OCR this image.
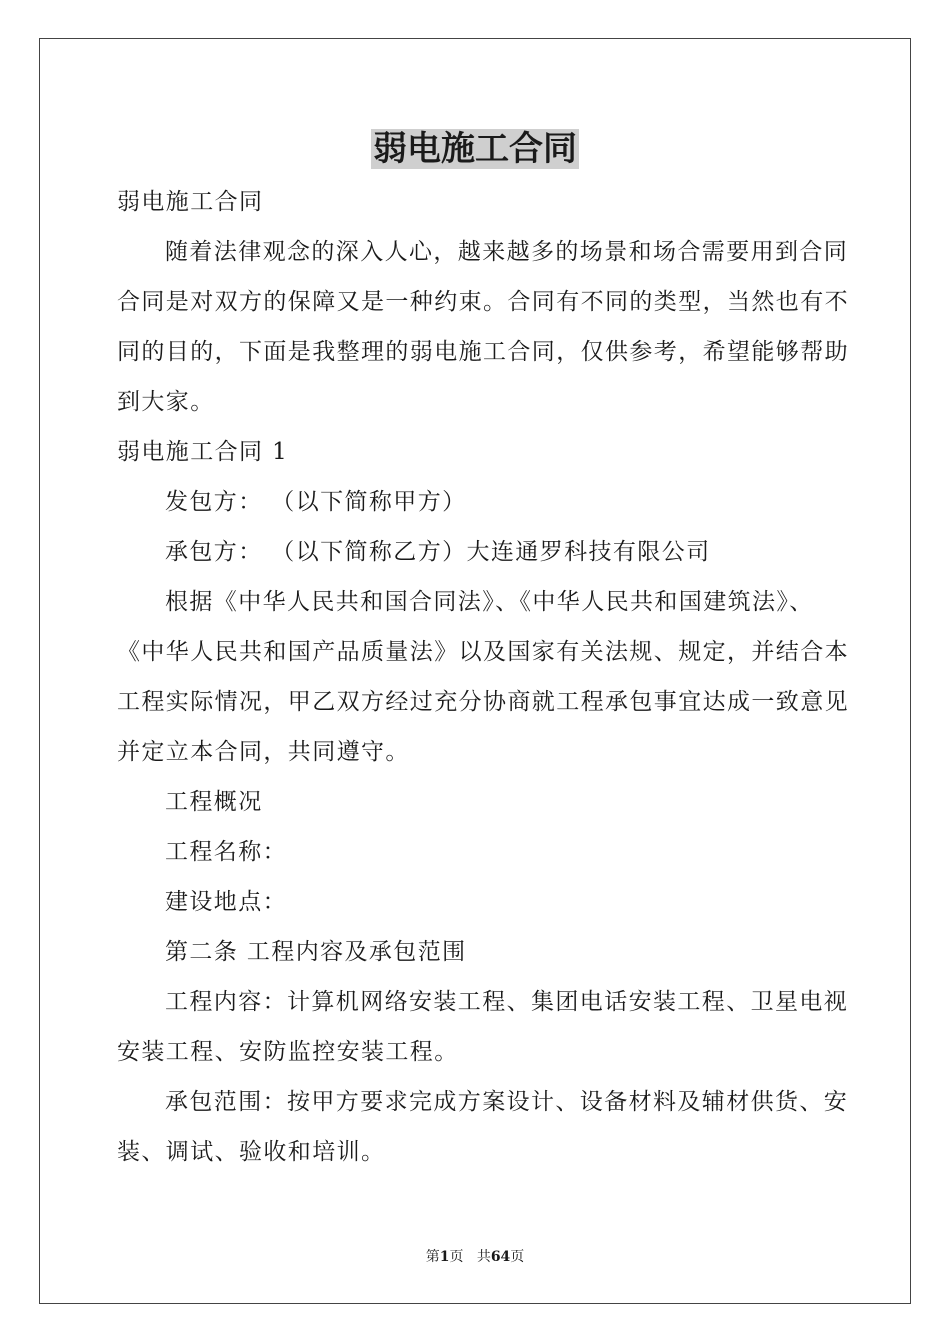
弱电施工合同
弱电施工合同
随着法律观念的深入人心，越来越多的场景和场合需要用到合同
合同是对双方的保障又是一种约束。合同有不同的类型，当然也有不
同的目的，下面是我整理的弱电施工合同，仅供参考，希望能够帮助
到大家。
弱电施工合同 1
发包方： （以下简称甲方）
承包方： （以下简称乙方）大连通罗科技有限公司
根据《中华人民共和国合同法》、《中华人民共和国建筑法》、
《中华人民共和国产品质量法》以及国家有关法规、规定，并结合本
工程实际情况，甲乙双方经过充分协商就工程承包事宜达成一致意见
并定立本合同，共同遵守。
工程概况
工程名称：
建设地点：
第二条 工程内容及承包范围
工程内容：计算机网络安装工程、集团电话安装工程、卫星电视
安装工程、安防监控安装工程。
承包范围：按甲方要求完成方案设计、设备材料及辅材供货、安
装、调试、验收和培训。
第1页 共64页
